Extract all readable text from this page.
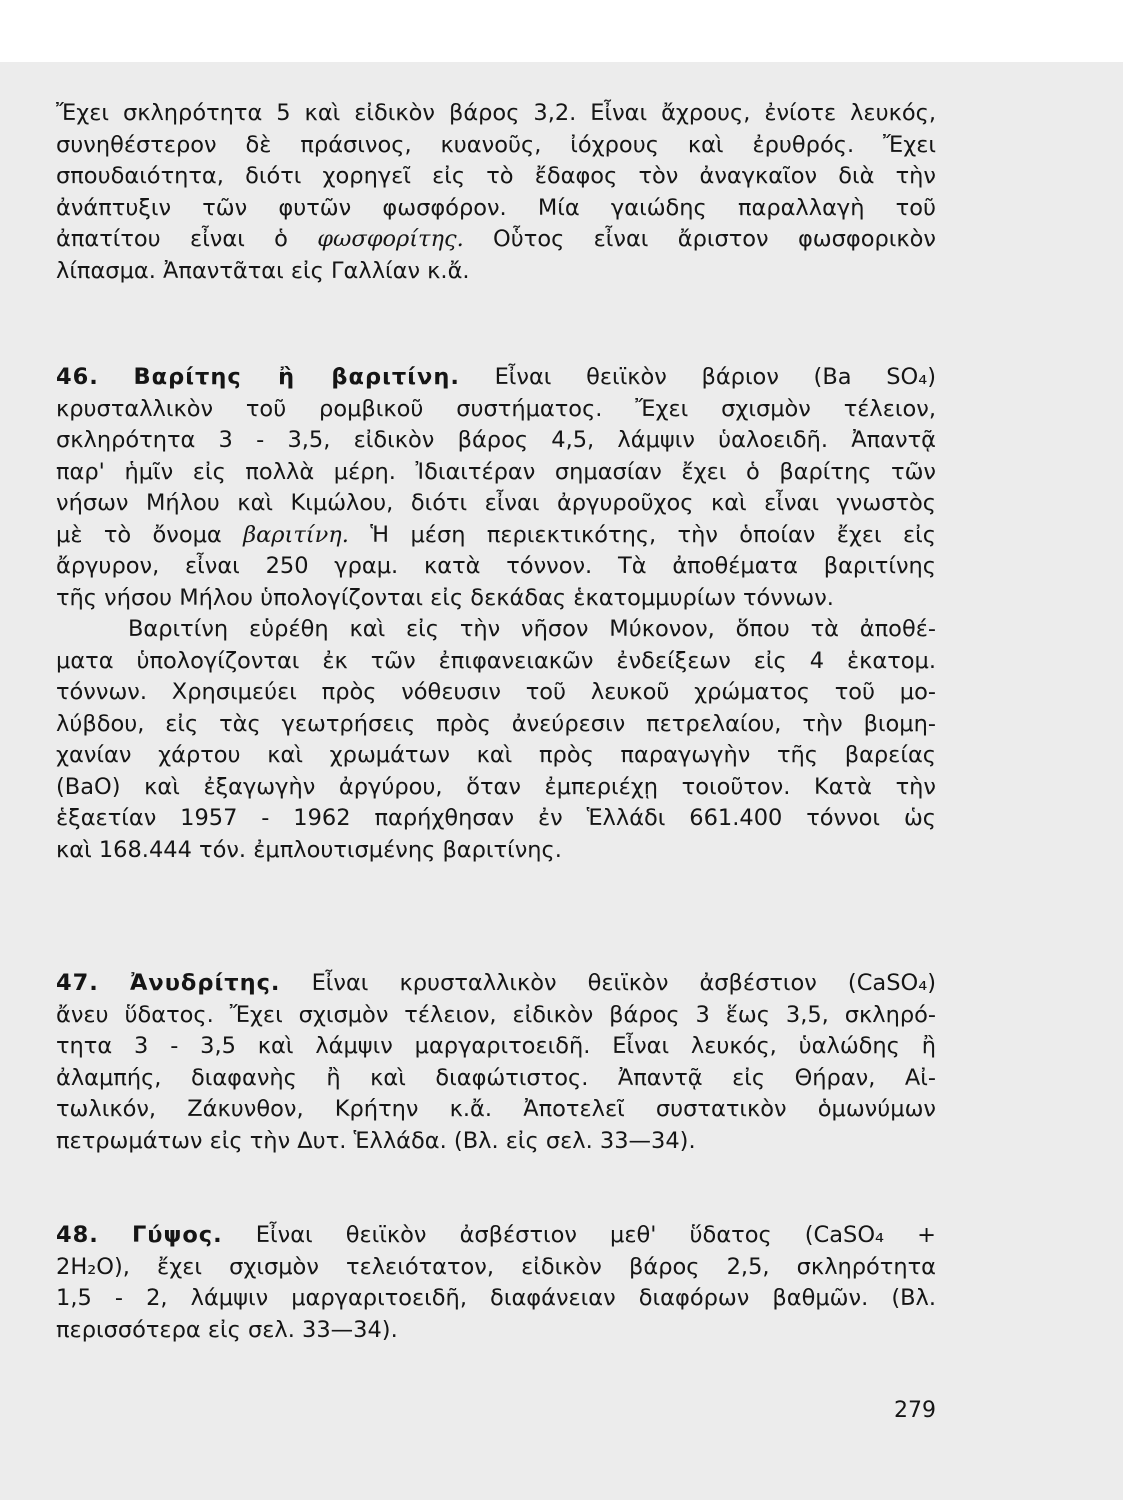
Ἔχει σκληρότητα 5 καὶ εἰδικὸν βάρος 3,2. Εἶναι ἄχρους, ἐνίοτε λευκός,
συνηθέστερον δὲ πράσινος, κυανοῦς, ἰόχρους καὶ ἐρυθρός. Ἔχει
σπουδαιότητα, διότι χορηγεῖ εἰς τὸ ἔδαφος τὸν ἀναγκαῖον διὰ τὴν
ἀνάπτυξιν τῶν φυτῶν φωσφόρον. Μία γαιώδης παραλλαγὴ τοῦ
ἀπατίτου εἶναι ὁ φωσφορίτης. Οὗτος εἶναι ἄριστον φωσφορικὸν
λίπασμα. Ἀπαντᾶται εἰς Γαλλίαν κ.ἄ.
46. Βαρίτης ἢ βαριτίνη. Εἶναι θειϊκὸν βάριον (Ba SO₄)
κρυσταλλικὸν τοῦ ρομβικοῦ συστήματος. Ἔχει σχισμὸν τέλειον,
σκληρότητα 3 - 3,5, εἰδικὸν βάρος 4,5, λάμψιν ὑαλοειδῆ. Ἀπαντᾷ
παρ' ἡμῖν εἰς πολλὰ μέρη. Ἰδιαιτέραν σημασίαν ἔχει ὁ βαρίτης τῶν
νήσων Μήλου καὶ Κιμώλου, διότι εἶναι ἀργυροῦχος καὶ εἶναι γνωστὸς
μὲ τὸ ὄνομα βαριτίνη. Ἡ μέση περιεκτικότης, τὴν ὁποίαν ἔχει εἰς
ἄργυρον, εἶναι 250 γραμ. κατὰ τόννον. Τὰ ἀποθέματα βαριτίνης
τῆς νήσου Μήλου ὑπολογίζονται εἰς δεκάδας ἑκατομμυρίων τόννων.
Βαριτίνη εὑρέθη καὶ εἰς τὴν νῆσον Μύκονον, ὅπου τὰ ἀποθέ-
ματα ὑπολογίζονται ἐκ τῶν ἐπιφανειακῶν ἐνδείξεων εἰς 4 ἑκατομ.
τόννων. Χρησιμεύει πρὸς νόθευσιν τοῦ λευκοῦ χρώματος τοῦ μο-
λύβδου, εἰς τὰς γεωτρήσεις πρὸς ἀνεύρεσιν πετρελαίου, τὴν βιομη-
χανίαν χάρτου καὶ χρωμάτων καὶ πρὸς παραγωγὴν τῆς βαρείας
(BaO) καὶ ἐξαγωγὴν ἀργύρου, ὅταν ἐμπεριέχῃ τοιοῦτον. Κατὰ τὴν
ἑξαετίαν 1957 - 1962 παρήχθησαν ἐν Ἑλλάδι 661.400 τόννοι ὡς
καὶ 168.444 τόν. ἐμπλουτισμένης βαριτίνης.
47. Ἀνυδρίτης. Εἶναι κρυσταλλικὸν θειϊκὸν ἀσβέστιον (CaSO₄)
ἄνευ ὕδατος. Ἔχει σχισμὸν τέλειον, εἰδικὸν βάρος 3 ἕως 3,5, σκληρό-
τητα 3 - 3,5 καὶ λάμψιν μαργαριτοειδῆ. Εἶναι λευκός, ὑαλώδης ἢ
ἀλαμπής, διαφανὴς ἢ καὶ διαφώτιστος. Ἀπαντᾷ εἰς Θήραν, Αἰ-
τωλικόν, Ζάκυνθον, Κρήτην κ.ἄ. Ἀποτελεῖ συστατικὸν ὁμωνύμων
πετρωμάτων εἰς τὴν Δυτ. Ἑλλάδα. (Βλ. εἰς σελ. 33—34).
48. Γύψος. Εἶναι θειϊκὸν ἀσβέστιον μεθ' ὕδατος (CaSO₄ +
2H₂O), ἔχει σχισμὸν τελειότατον, εἰδικὸν βάρος 2,5, σκληρότητα
1,5 - 2, λάμψιν μαργαριτοειδῆ, διαφάνειαν διαφόρων βαθμῶν. (Βλ.
περισσότερα εἰς σελ. 33—34).
279
